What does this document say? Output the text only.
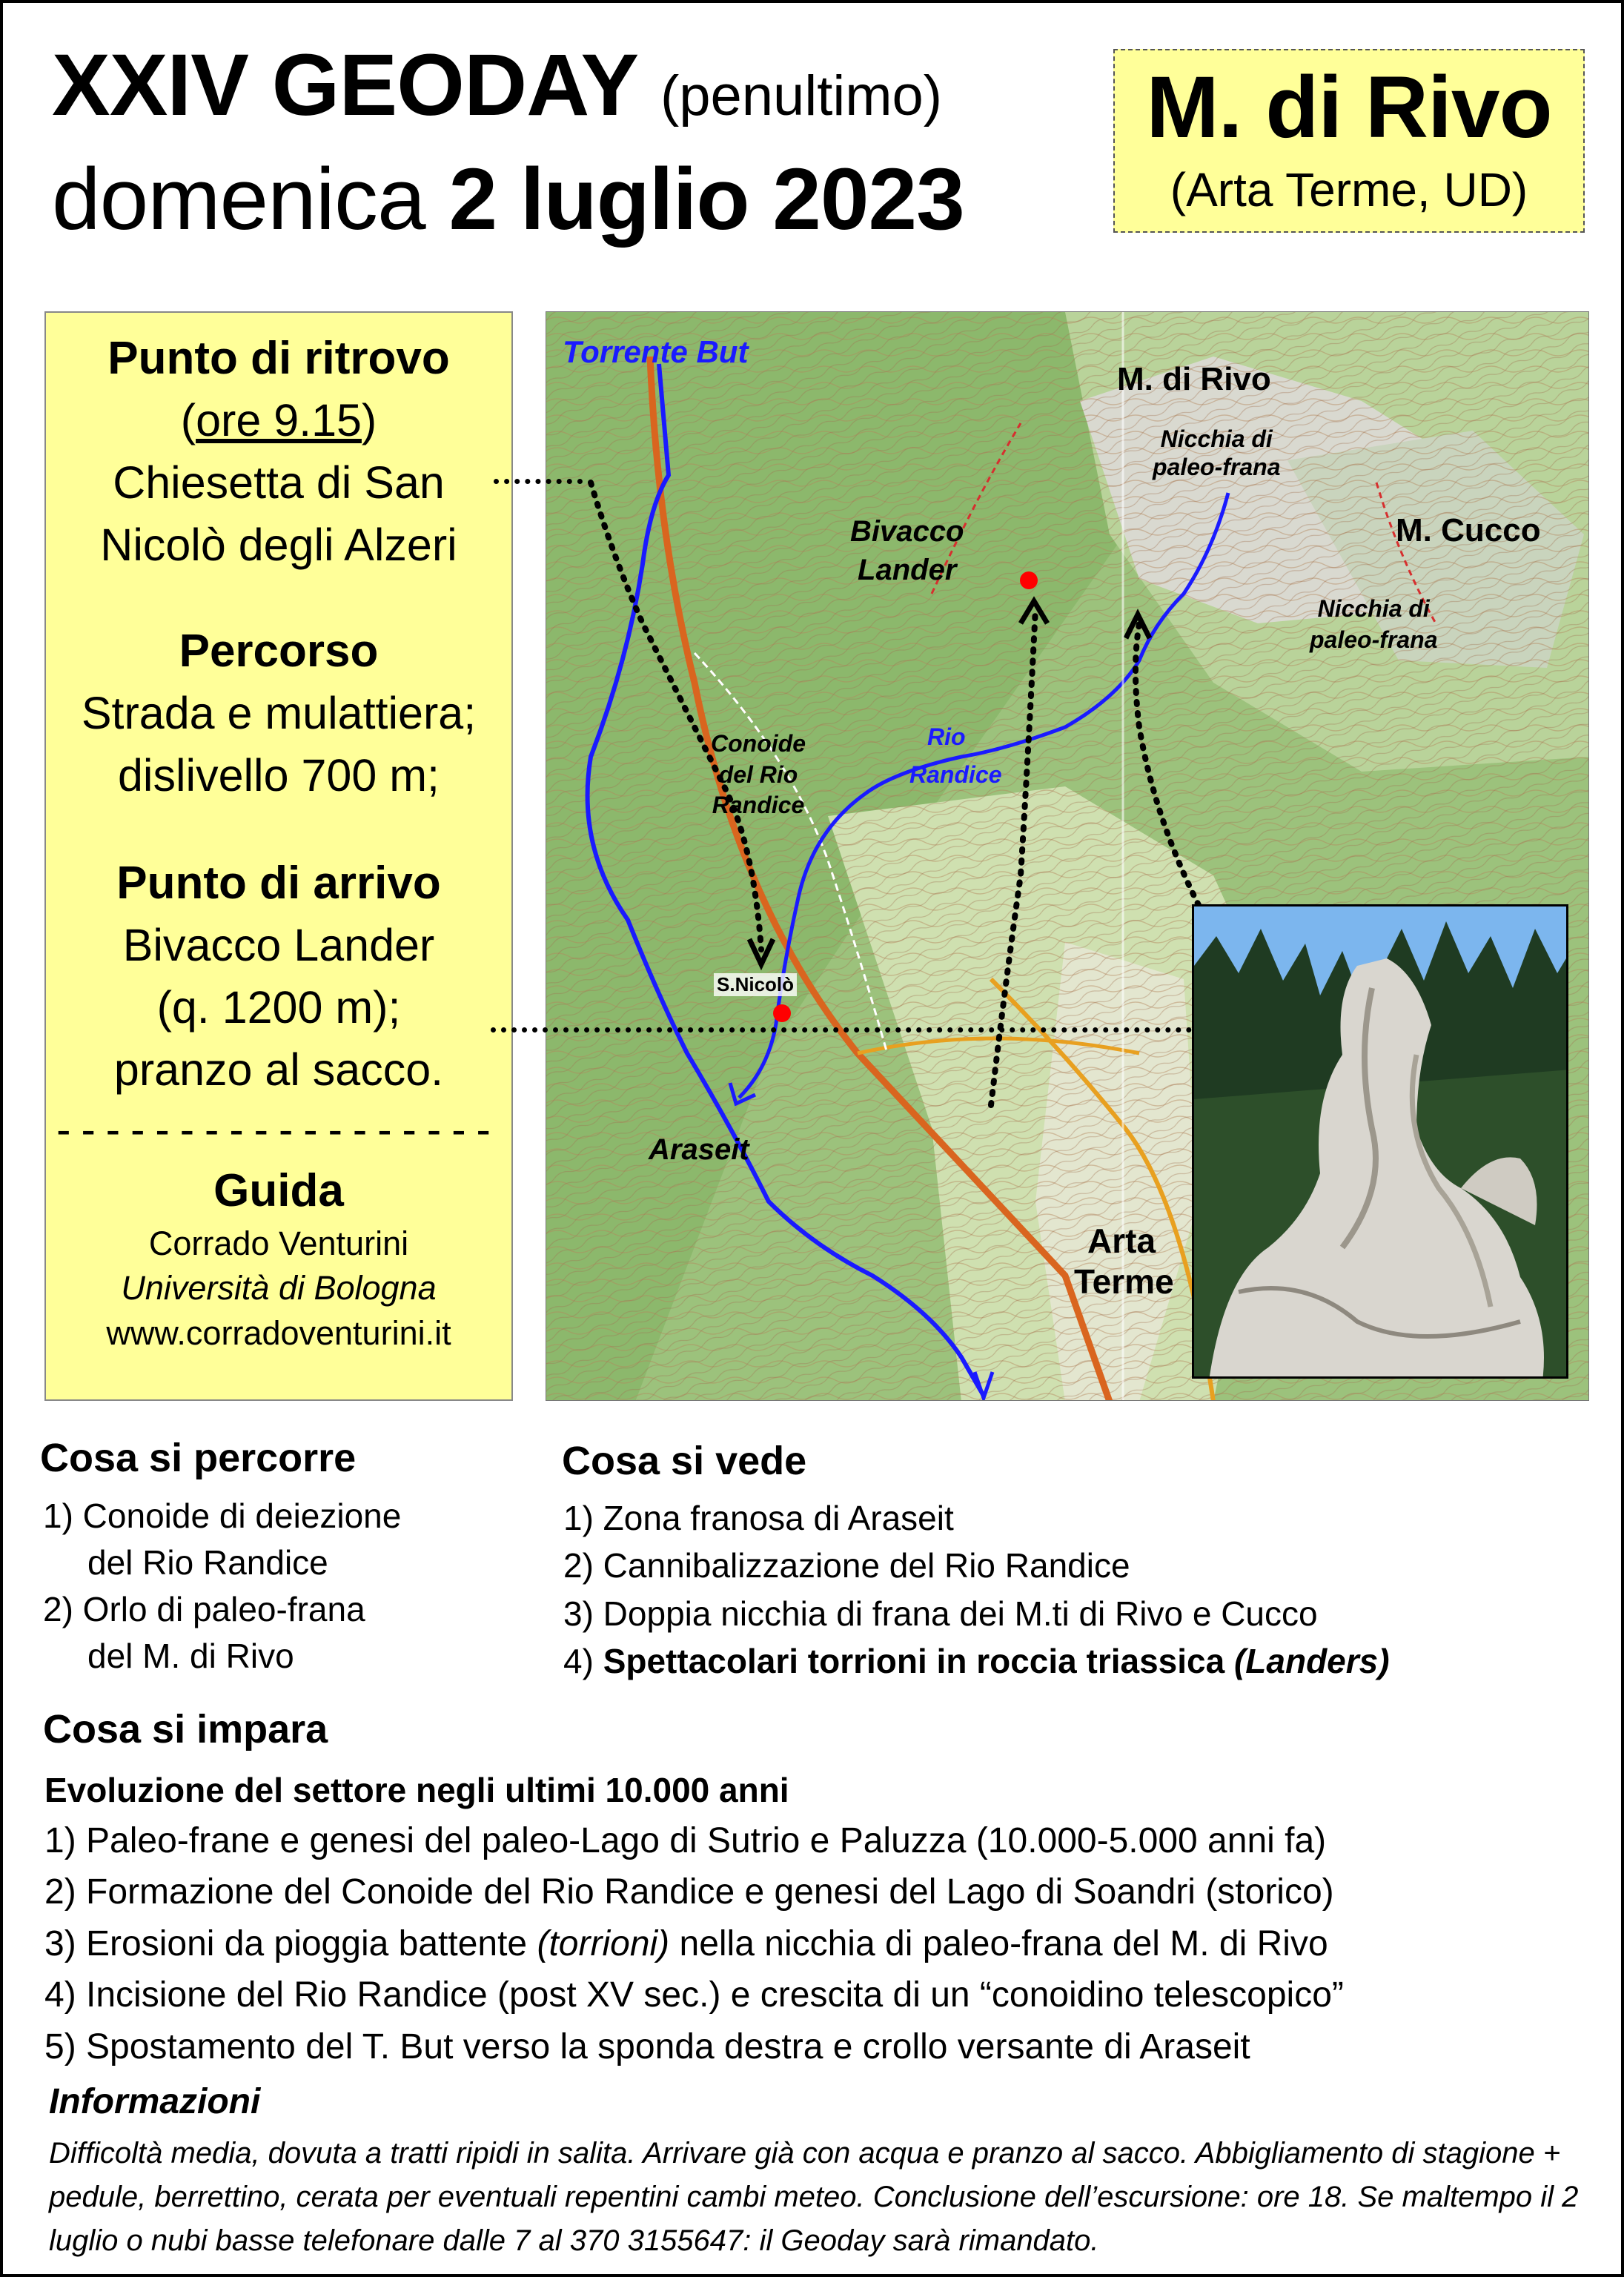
XXIV GEODAY (penultimo)
domenica 2 luglio 2023
M. di Rivo
(Arta Terme, UD)
Punto di ritrovo
(ore 9.15)
Chiesetta di San
Nicolò degli Alzeri
Percorso
Strada e mulattiera;
dislivello 700 m;
Punto di arrivo
Bivacco Lander
(q. 1200 m);
pranzo al sacco.
------------------
Guida
Corrado Venturini
Università di Bologna
www.corradoventurini.it
Torrente But
M. di Rivo
Nicchia di
paleo-frana
M. Cucco
Nicchia di
paleo-frana
Bivacco
Lander
Rio
Randice
Conoide
del Rio
Randice
S.Nicolò
Araseit
Arta
Terme
Cosa si percorre
1) Conoide di deiezione
del Rio Randice
2) Orlo di paleo-frana
del M. di Rivo
Cosa si vede
1) Zona franosa di Araseit
2) Cannibalizzazione del Rio Randice
3) Doppia nicchia di frana dei M.ti di Rivo e Cucco
4) Spettacolari torrioni in roccia triassica (Landers)
Cosa si impara
Evoluzione del settore negli ultimi 10.000 anni
1) Paleo-frane e genesi del paleo-Lago di Sutrio e Paluzza (10.000-5.000 anni fa)
2) Formazione del Conoide del Rio Randice e genesi del Lago di Soandri (storico)
3) Erosioni da pioggia battente (torrioni) nella nicchia di paleo-frana del M. di Rivo
4) Incisione del Rio Randice (post XV sec.) e crescita di un “conoidino telescopico”
5) Spostamento del T. But verso la sponda destra e crollo versante di Araseit
Informazioni
Difficoltà media, dovuta a tratti ripidi in salita. Arrivare già con acqua e pranzo al sacco. Abbigliamento di stagione + pedule, berrettino, cerata per eventuali repentini cambi meteo. Conclusione dell’escursione: ore 18. Se maltempo il 2 luglio o nubi basse telefonare dalle 7 al 370 3155647: il Geoday sarà rimandato.
